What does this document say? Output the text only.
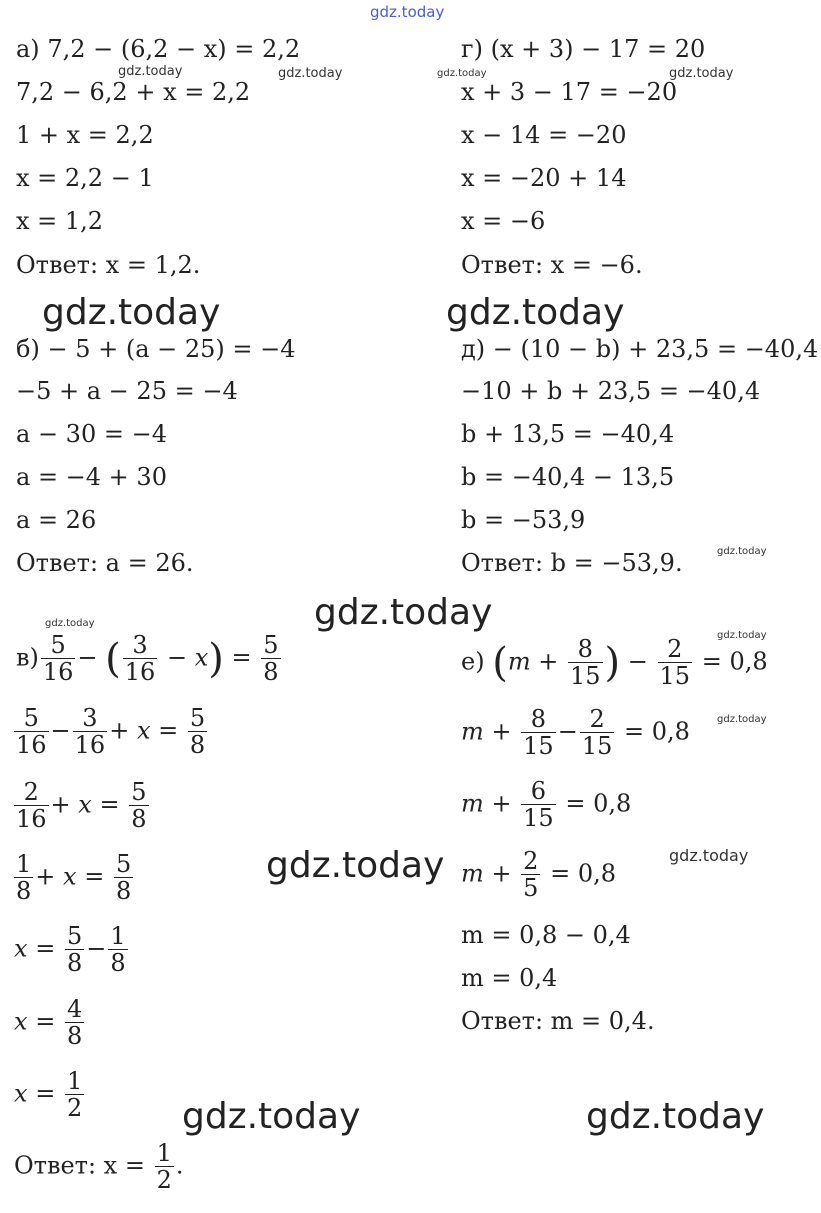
gdz.today
gdz.today	gdz.today	gdz.today	gdz.today
gdz.today	gdz.today
gdz.today
gdz.today
gdz.today
gdz.today
gdz.today
gdz.today	gdz.today
gdz.today	gdz.today
а) 7,2 − (6,2 − x) = 2,2
7,2 − 6,2 + x = 2,2
1 + x = 2,2
x = 2,2 − 1
x = 1,2
Ответ: x = 1,2.
г) (x + 3) − 17 = 20
x + 3 − 17 = −20
x − 14 = −20
x = −20 + 14
x = −6
Ответ: x = −6.
б) − 5 + (a − 25) = −4
−5 + a − 25 = −4
a − 30 = −4
a = −4 + 30
a = 26
Ответ: a = 26.
д) − (10 − b) + 23,5 = −40,4
−10 + b + 23,5 = −40,4
b + 13,5 = −40,4
b = −40,4 − 13,5
b = −53,9
Ответ: b = −53,9.
$в) \frac{5}{16}$ − ( $\frac{3}{16} - x) = \frac{5}{8}$
$\frac{5}{16} - \frac{3}{16} + x = \frac{5}{8}$
$\frac{2}{16} + x = \frac{5}{8}$
$\frac{1}{8} + x = \frac{5}{8}$
$x = \frac{5}{8} - \frac{1}{8}$
$x = \frac{4}{8}$
$x = \frac{1}{2}$
Ответ: $x = \frac{1}{2}$ .
е) ($m + \frac{8}{15}$ ) − $\frac{2}{15} = 0,8$
$m + \frac{8}{15} - \frac{2}{15} = 0,8$
$m + \frac{6}{15} = 0,8$
$m + \frac{2}{5} = 0,8$
m = 0,8 − 0,4
m = 0,4
Ответ: m = 0,4.
